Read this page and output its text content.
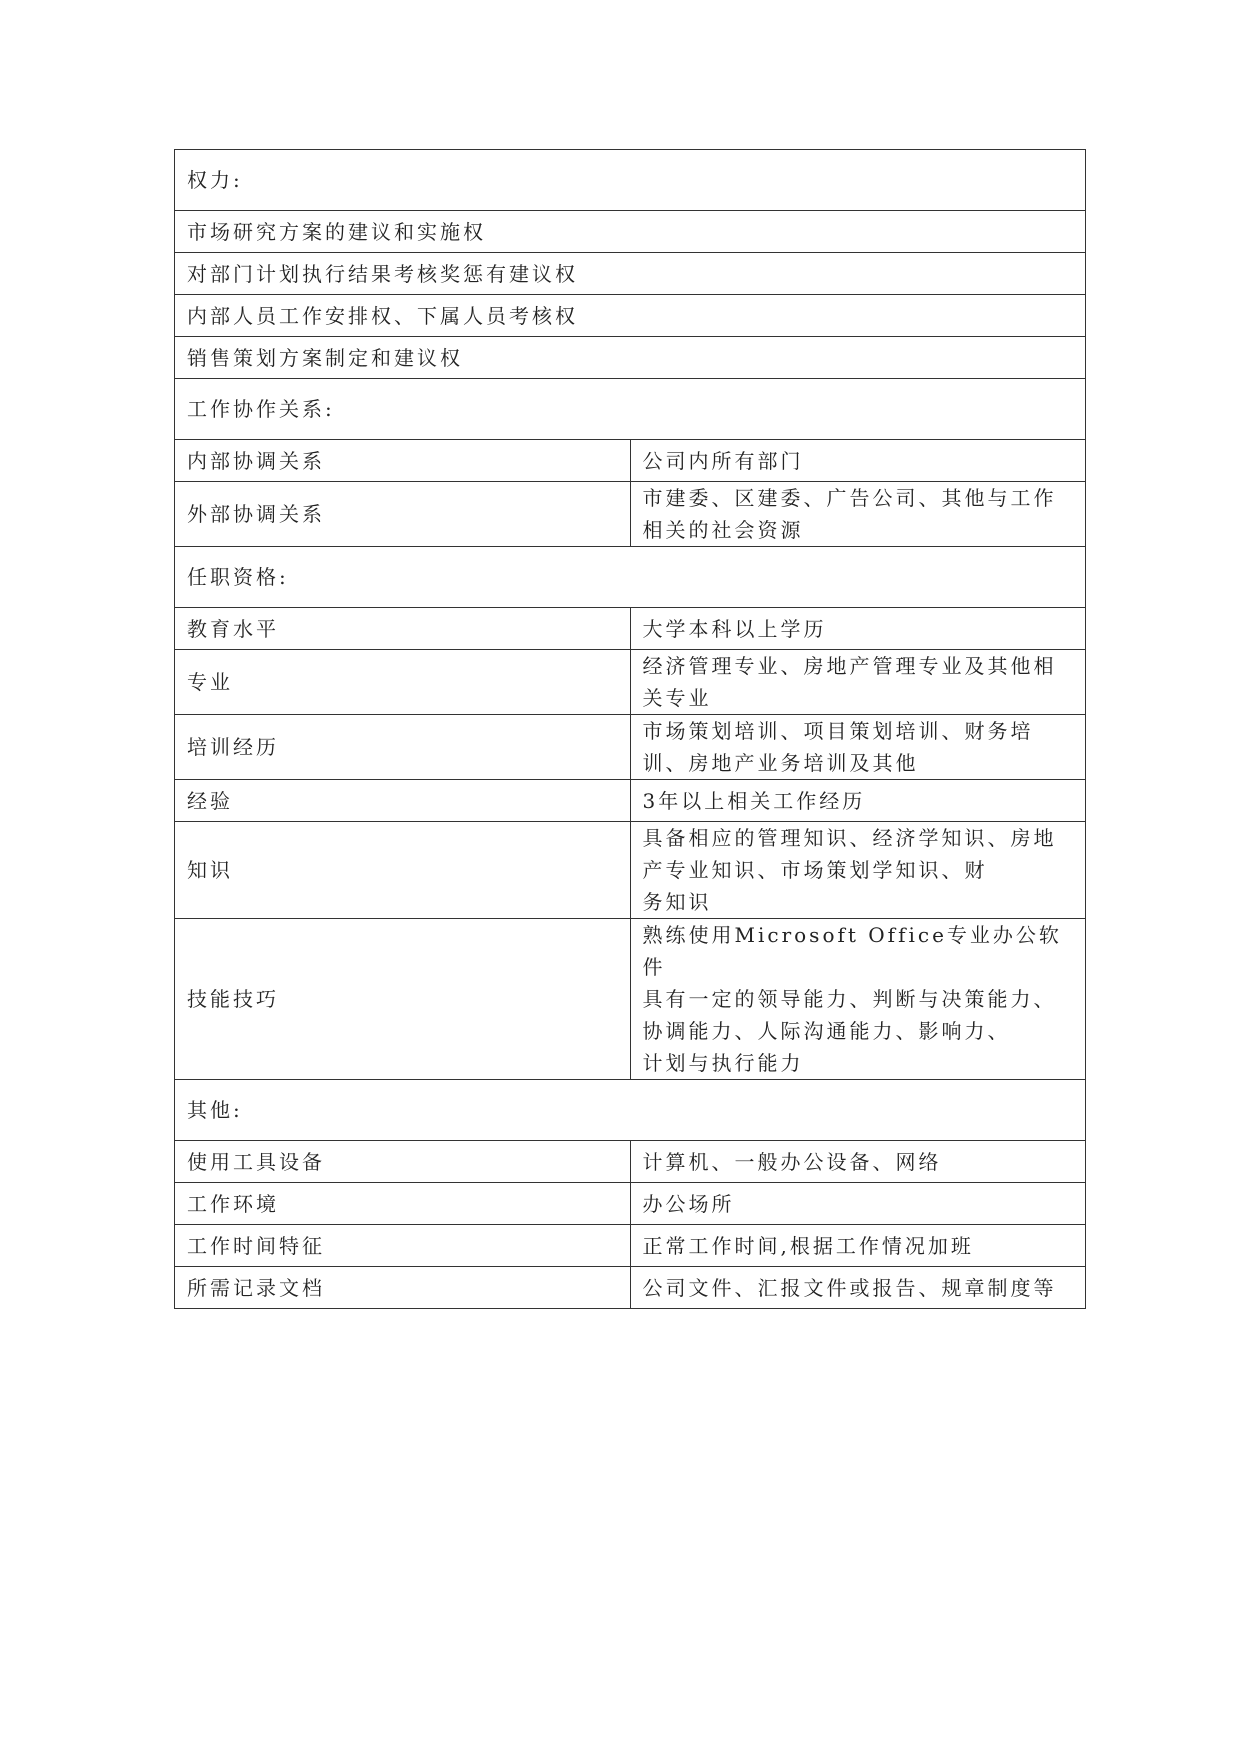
权力:	
市场研究方案的建议和实施权	
对部门计划执行结果考核奖惩有建议权	
内部人员工作安排权、下属人员考核权	
销售策划方案制定和建议权	
工作协作关系:	
内部协调关系	公司内所有部门
外部协调关系	市建委、区建委、广告公司、其他与工作相关的社会资源
任职资格:	
教育水平	大学本科以上学历
专业	经济管理专业、房地产管理专业及其他相关专业
培训经历	市场策划培训、项目策划培训、财务培训、房地产业务培训及其他
经验	3年以上相关工作经历
知识	具备相应的管理知识、经济学知识、房地产专业知识、市场策划学知识、财
务知识

技能技巧	熟练使用Microsoft Office专业办公软件
具有一定的领导能力、判断与决策能力、协调能力、人际沟通能力、影响力、
计划与执行能力

其他:	
使用工具设备	计算机、一般办公设备、网络
工作环境	办公场所
工作时间特征	正常工作时间,根据工作情况加班
所需记录文档	公司文件、汇报文件或报告、规章制度等
